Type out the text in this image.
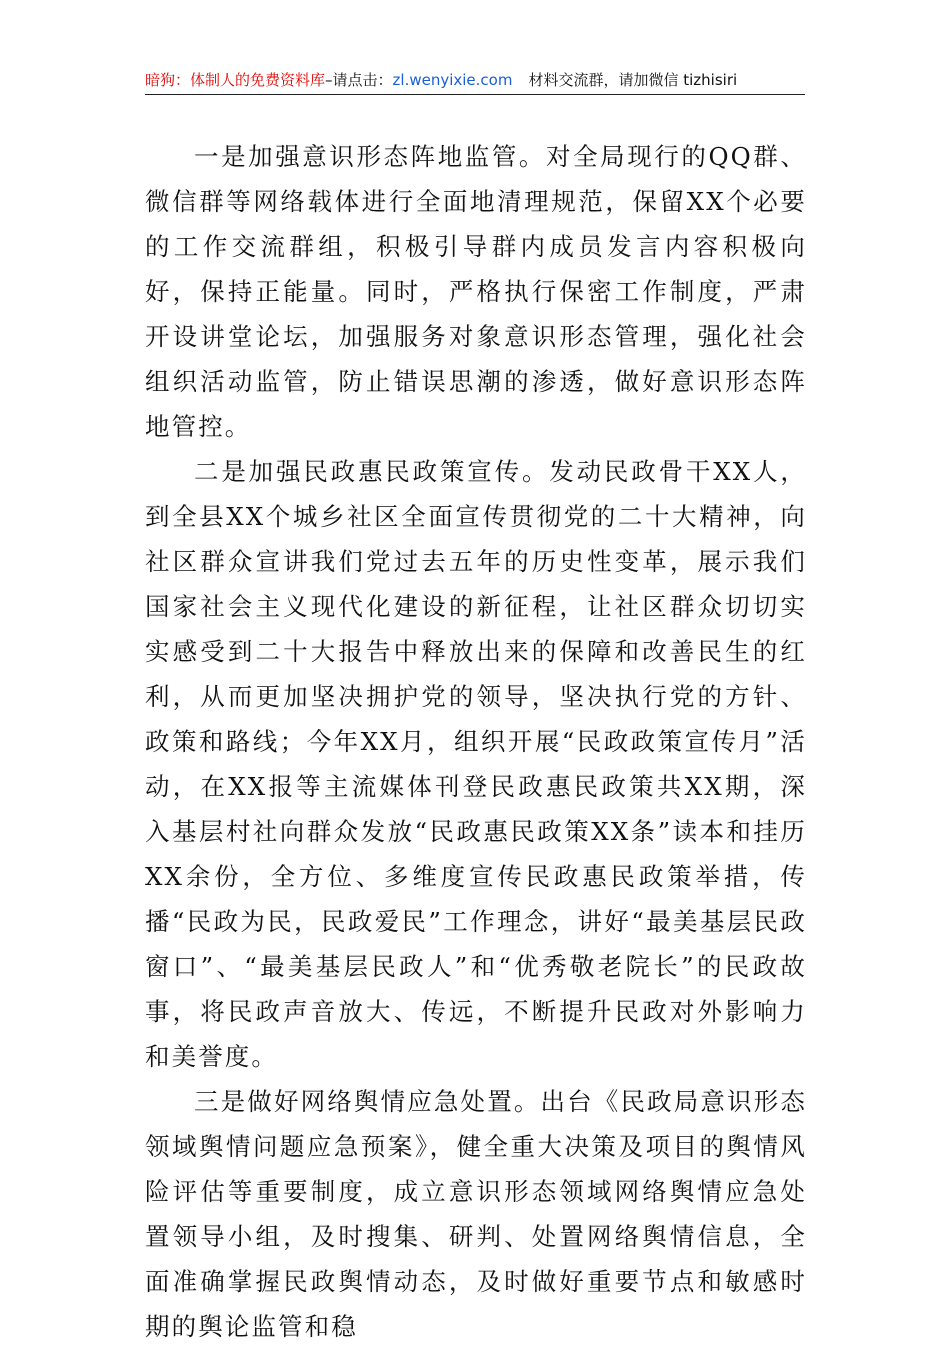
暗狗：体制人的免费资料库–请点击：zl.wenyixie.com 材料交流群，请加微信 tizhisiri

一是加强意识形态阵地监管。对全局现行的QQ群、微信群等网络载体进行全面地清理规范，保留XX个必要的工作交流群组，积极引导群内成员发言内容积极向好，保持正能量。同时，严格执行保密工作制度，严肃开设讲堂论坛，加强服务对象意识形态管理，强化社会组织活动监管，防止错误思潮的渗透，做好意识形态阵地管控。

二是加强民政惠民政策宣传。发动民政骨干XX人，到全县XX个城乡社区全面宣传贯彻党的二十大精神，向社区群众宣讲我们党过去五年的历史性变革，展示我们国家社会主义现代化建设的新征程，让社区群众切切实实感受到二十大报告中释放出来的保障和改善民生的红利，从而更加坚决拥护党的领导，坚决执行党的方针、政策和路线；今年XX月，组织开展“民政政策宣传月”活动，在XX报等主流媒体刊登民政惠民政策共XX期，深入基层村社向群众发放“民政惠民政策XX条”读本和挂历XX余份，全方位、多维度宣传民政惠民政策举措，传播“民政为民，民政爱民”工作理念，讲好“最美基层民政窗口”、“最美基层民政人”和“优秀敬老院长”的民政故事，将民政声音放大、传远，不断提升民政对外影响力和美誉度。

三是做好网络舆情应急处置。出台《民政局意识形态领域舆情问题应急预案》，健全重大决策及项目的舆情风险评估等重要制度，成立意识形态领域网络舆情应急处置领导小组，及时搜集、研判、处置网络舆情信息，全面准确掌握民政舆情动态，及时做好重要节点和敏感时期的舆论监管和稳
